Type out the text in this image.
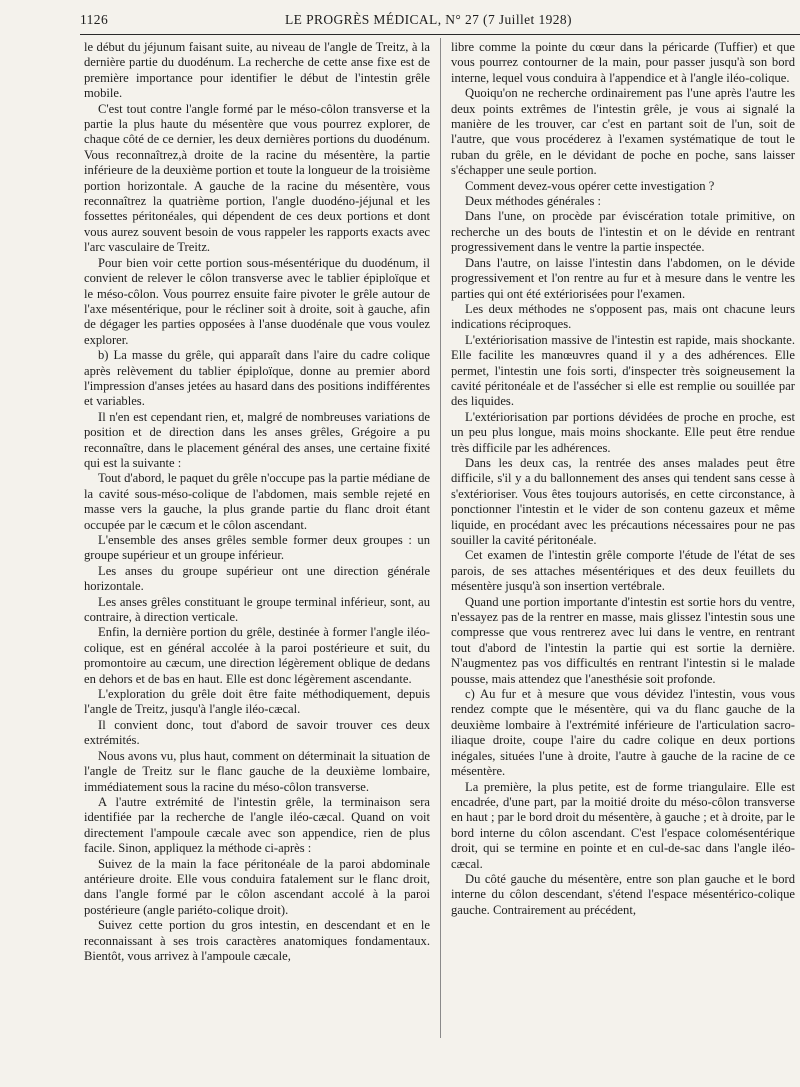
1126	LE PROGRÈS MÉDICAL, N° 27 (7 Juillet 1928)

le début du jéjunum faisant suite, au niveau de l'angle de Treitz, à la dernière partie du duodénum. La recherche de cette anse fixe est de première importance pour identifier le début de l'intestin grêle mobile.

C'est tout contre l'angle formé par le méso-côlon transverse et la partie la plus haute du mésentère que vous pourrez explorer, de chaque côté de ce dernier, les deux dernières portions du duodénum. Vous reconnaîtrez,à droite de la racine du mésentère, la partie inférieure de la deuxième portion et toute la longueur de la troisième portion horizontale. A gauche de la racine du mésentère, vous reconnaîtrez la quatrième portion, l'angle duodéno-jéjunal et les fossettes péritonéales, qui dépendent de ces deux portions et dont vous aurez souvent besoin de vous rappeler les rapports exacts avec l'arc vasculaire de Treitz.

Pour bien voir cette portion sous-mésentérique du duodénum, il convient de relever le côlon transverse avec le tablier épiploïque et le méso-côlon. Vous pourrez ensuite faire pivoter le grêle autour de l'axe mésentérique, pour le récliner soit à droite, soit à gauche, afin de dégager les parties opposées à l'anse duodénale que vous voulez explorer.

b) La masse du grêle, qui apparaît dans l'aire du cadre colique après relèvement du tablier épiploïque, donne au premier abord l'impression d'anses jetées au hasard dans des positions indifférentes et variables.

Il n'en est cependant rien, et, malgré de nombreuses variations de position et de direction dans les anses grêles, Grégoire a pu reconnaître, dans le placement général des anses, une certaine fixité qui est la suivante :

Tout d'abord, le paquet du grêle n'occupe pas la partie médiane de la cavité sous-méso-colique de l'abdomen, mais semble rejeté en masse vers la gauche, la plus grande partie du flanc droit étant occupée par le cæcum et le côlon ascendant.

L'ensemble des anses grêles semble former deux groupes : un groupe supérieur et un groupe inférieur.

Les anses du groupe supérieur ont une direction générale horizontale.

Les anses grêles constituant le groupe terminal inférieur, sont, au contraire, à direction verticale.

Enfin, la dernière portion du grêle, destinée à former l'angle iléo-colique, est en général accolée à la paroi postérieure et suit, du promontoire au cæcum, une direction légèrement oblique de dedans en dehors et de bas en haut. Elle est donc légèrement ascendante.

L'exploration du grêle doit être faite méthodiquement, depuis l'angle de Treitz, jusqu'à l'angle iléo-cæcal.

Il convient donc, tout d'abord de savoir trouver ces deux extrémités.

Nous avons vu, plus haut, comment on déterminait la situation de l'angle de Treitz sur le flanc gauche de la deuxième lombaire, immédiatement sous la racine du méso-côlon transverse.

A l'autre extrémité de l'intestin grêle, la terminaison sera identifiée par la recherche de l'angle iléo-cæcal. Quand on voit directement l'ampoule cæcale avec son appendice, rien de plus facile. Sinon, appliquez la méthode ci-après :

Suivez de la main la face péritonéale de la paroi abdominale antérieure droite. Elle vous conduira fatalement sur le flanc droit, dans l'angle formé par le côlon ascendant accolé à la paroi postérieure (angle pariéto-colique droit).

Suivez cette portion du gros intestin, en descendant et en le reconnaissant à ses trois caractères anatomiques fondamentaux. Bientôt, vous arrivez à l'ampoule cæcale,

libre comme la pointe du cœur dans la péricarde (Tuffier) et que vous pourrez contourner de la main, pour passer jusqu'à son bord interne, lequel vous conduira à l'appendice et à l'angle iléo-colique.

Quoiqu'on ne recherche ordinairement pas l'une après l'autre les deux points extrêmes de l'intestin grêle, je vous ai signalé la manière de les trouver, car c'est en partant soit de l'un, soit de l'autre, que vous procéderez à l'examen systématique de tout le ruban du grêle, en le dévidant de poche en poche, sans laisser s'échapper une seule portion.

Comment devez-vous opérer cette investigation ?

Deux méthodes générales :

Dans l'une, on procède par éviscération totale primitive, on recherche un des bouts de l'intestin et on le dévide en rentrant progressivement dans le ventre la partie inspectée.

Dans l'autre, on laisse l'intestin dans l'abdomen, on le dévide progressivement et l'on rentre au fur et à mesure dans le ventre les parties qui ont été extériorisées pour l'examen.

Les deux méthodes ne s'opposent pas, mais ont chacune leurs indications réciproques.

L'extériorisation massive de l'intestin est rapide, mais shockante. Elle facilite les manœuvres quand il y a des adhérences. Elle permet, l'intestin une fois sorti, d'inspecter très soigneusement la cavité péritonéale et de l'assécher si elle est remplie ou souillée par des liquides.

L'extériorisation par portions dévidées de proche en proche, est un peu plus longue, mais moins shockante. Elle peut être rendue très difficile par les adhérences.

Dans les deux cas, la rentrée des anses malades peut être difficile, s'il y a du ballonnement des anses qui tendent sans cesse à s'extérioriser. Vous êtes toujours autorisés, en cette circonstance, à ponctionner l'intestin et le vider de son contenu gazeux et même liquide, en procédant avec les précautions nécessaires pour ne pas souiller la cavité péritonéale.

Cet examen de l'intestin grêle comporte l'étude de l'état de ses parois, de ses attaches mésentériques et des deux feuillets du mésentère jusqu'à son insertion vertébrale.

Quand une portion importante d'intestin est sortie hors du ventre, n'essayez pas de la rentrer en masse, mais glissez l'intestin sous une compresse que vous rentrerez avec lui dans le ventre, en rentrant tout d'abord de l'intestin la partie qui est sortie la dernière. N'augmentez pas vos difficultés en rentrant l'intestin si le malade pousse, mais attendez que l'anesthésie soit profonde.

c) Au fur et à mesure que vous dévidez l'intestin, vous vous rendez compte que le mésentère, qui va du flanc gauche de la deuxième lombaire à l'extrémité inférieure de l'articulation sacro-iliaque droite, coupe l'aire du cadre colique en deux portions inégales, situées l'une à droite, l'autre à gauche de la racine de ce mésentère.

La première, la plus petite, est de forme triangulaire. Elle est encadrée, d'une part, par la moitié droite du méso-côlon transverse en haut ; par le bord droit du mésentère, à gauche ; et à droite, par le bord interne du côlon ascendant. C'est l'espace colomésentérique droit, qui se termine en pointe et en cul-de-sac dans l'angle iléo-cæcal.

Du côté gauche du mésentère, entre son plan gauche et le bord interne du côlon descendant, s'étend l'espace mésentérico-colique gauche. Contrairement au précédent,
